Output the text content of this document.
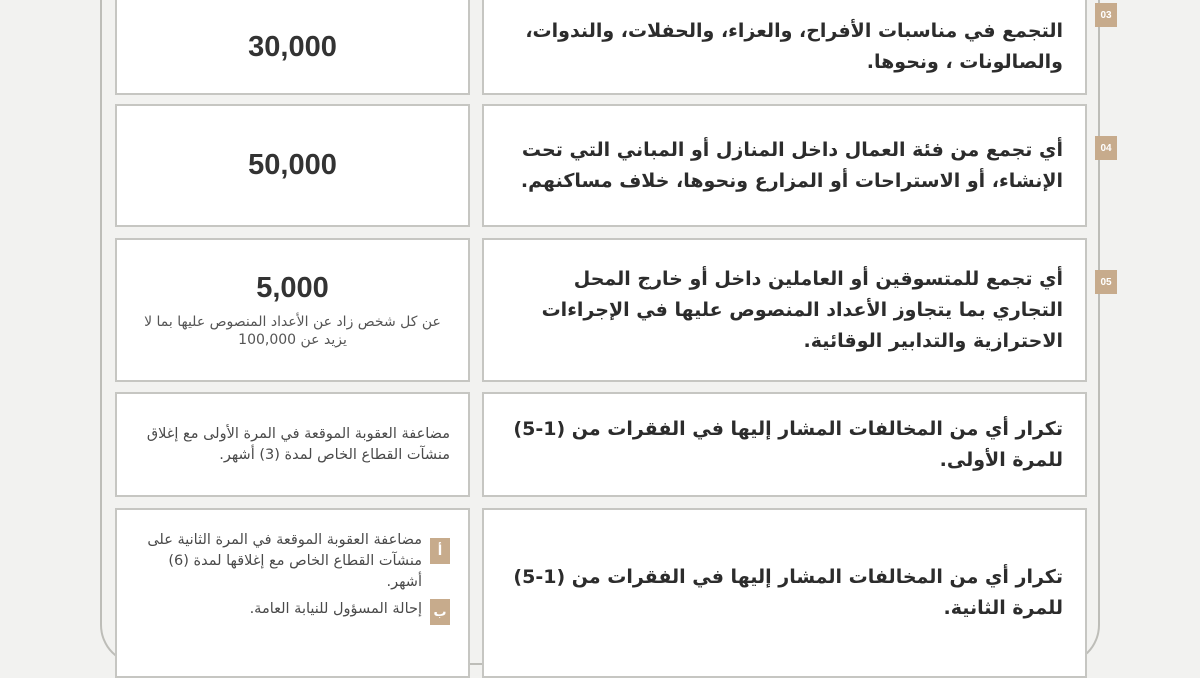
30,000
التجمع في مناسبات الأفراح، والعزاء، والحفلات، والندوات، والصالونات ، ونحوها.
03
50,000	أي تجمع من فئة العمال داخل المنازل أو المباني التي تحت الإنشاء، أو الاستراحات أو المزارع ونحوها، خلاف مساكنهم.
04
5,000
عن كل شخص زاد عن الأعداد المنصوص عليها بما لا يزيد عن 100,000
أي تجمع للمتسوقين أو العاملين داخل أو خارج المحل التجاري بما يتجاوز الأعداد المنصوص عليها في الإجراءات الاحترازية والتدابير الوقائية.
05
مضاعفة العقوبة الموقعة في المرة الأولى مع إغلاق منشآت القطاع الخاص لمدة (3) أشهر.
تكرار أي من المخالفات المشار إليها في الفقرات من (1-5) للمرة الأولى.
أ
مضاعفة العقوبة الموقعة في المرة الثانية على منشآت القطاع الخاص مع إغلاقها لمدة (6) أشهر.
ب
إحالة المسؤول للنيابة العامة.
تكرار أي من المخالفات المشار إليها في الفقرات من (1-5) للمرة الثانية.
